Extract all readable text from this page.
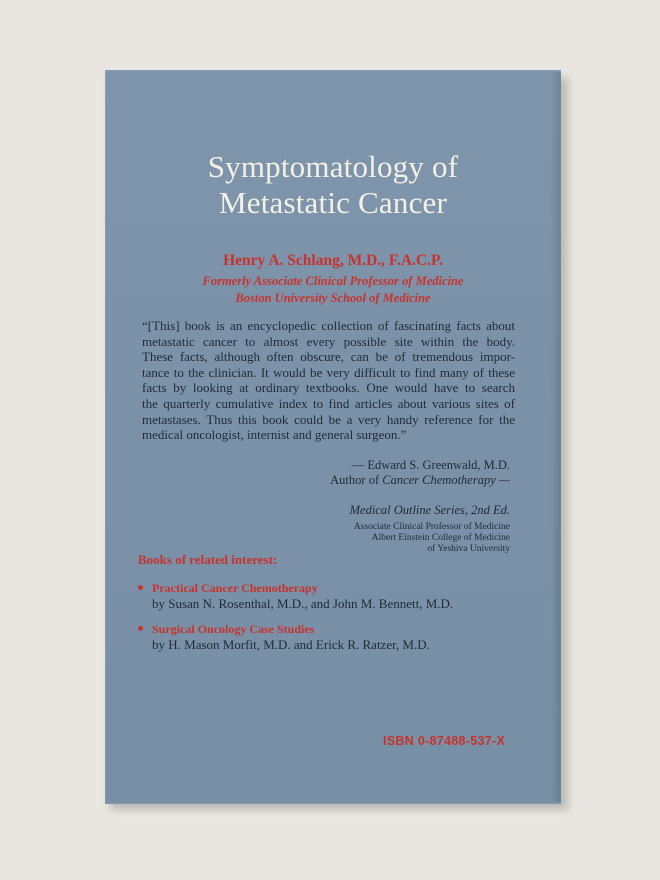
Symptomatology of
Metastatic Cancer
Henry A. Schlang, M.D., F.A.C.P.
Formerly Associate Clinical Professor of Medicine
Boston University School of Medicine
“[This] book is an encyclopedic collection of fascinating facts about
metastatic cancer to almost every possible site within the body.
These facts, although often obscure, can be of tremendous impor-
tance to the clinician. It would be very difficult to find many of these
facts by looking at ordinary textbooks. One would have to search
the quarterly cumulative index to find articles about various sites of
metastases. Thus this book could be a very handy reference for the
medical oncologist, internist and general surgeon.”
— Edward S. Greenwald, M.D.
Author of Cancer Chemotherapy —
Medical Outline Series, 2nd Ed.
Associate Clinical Professor of Medicine
Albert Einstein College of Medicine
of Yeshiva University
Books of related interest:
Practical Cancer Chemotherapy
by Susan N. Rosenthal, M.D., and John M. Bennett, M.D.
Surgical Oncology Case Studies
by H. Mason Morfit, M.D. and Erick R. Ratzer, M.D.
ISBN 0-87488-537-X
